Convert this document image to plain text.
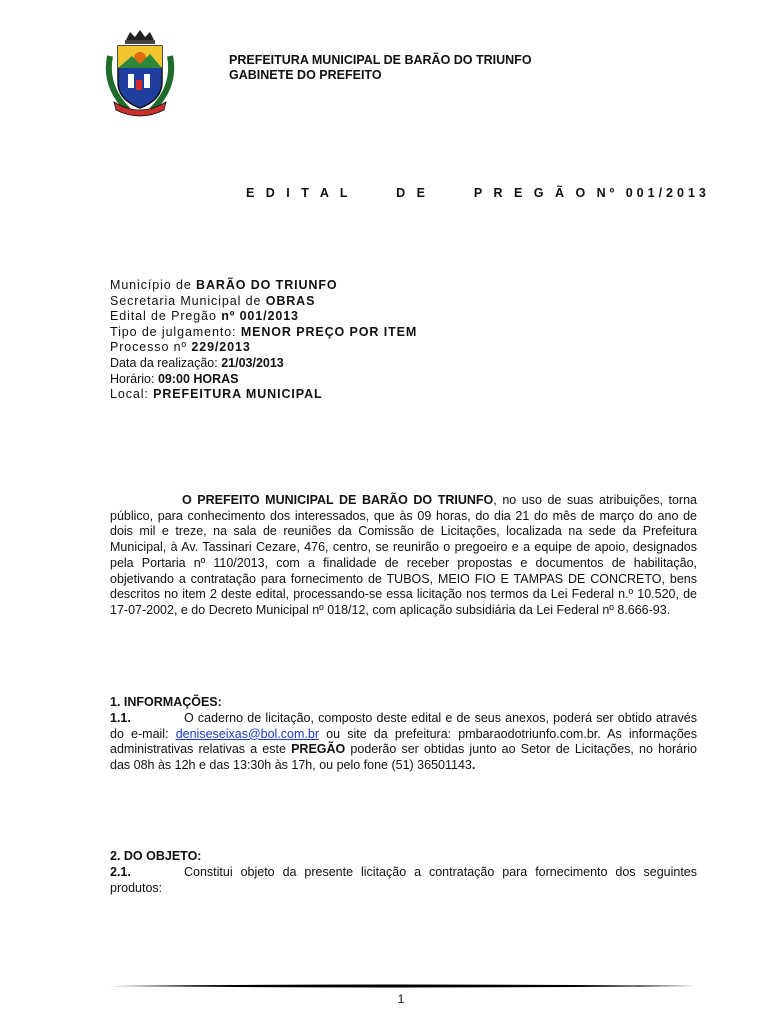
PREFEITURA MUNICIPAL DE BARÃO DO TRIUNFO
GABINETE DO PREFEITO
E D I T A L      D E      P R E G Ã O Nº 001/2013
Município de BARÃO DO TRIUNFO
Secretaria Municipal de OBRAS
Edital de Pregão nº 001/2013
Tipo de julgamento: MENOR PREÇO POR ITEM
Processo nº 229/2013
Data da realização: 21/03/2013
Horário: 09:00 HORAS
Local: PREFEITURA MUNICIPAL
O PREFEITO MUNICIPAL DE BARÃO DO TRIUNFO, no uso de suas atribuições, torna público, para conhecimento dos interessados, que às 09 horas, do dia 21 do mês de março do ano de dois mil e treze, na sala de reuniões da Comissão de Licitações, localizada na sede da Prefeitura Municipal, à Av. Tassinari Cezare, 476, centro, se reunirão o pregoeiro e a equipe de apoio, designados pela Portaria nº 110/2013, com a finalidade de receber propostas e documentos de habilitação, objetivando a contratação para fornecimento de TUBOS, MEIO FIO E TAMPAS DE CONCRETO, bens descritos no item 2 deste edital, processando-se essa licitação nos termos da Lei Federal n.º 10.520, de 17-07-2002, e do Decreto Municipal nº 018/12, com aplicação subsidiária da Lei Federal nº 8.666-93.
1. INFORMAÇÕES:
1.1.	O caderno de licitação, composto deste edital e de seus anexos, poderá ser obtido através do e-mail: deniseseixas@bol.com.br ou site da prefeitura: pmbaraodotriunfo.com.br. As informações administrativas relativas a este PREGÃO poderão ser obtidas junto ao Setor de Licitações, no horário das 08h às 12h e das 13:30h às 17h, ou pelo fone (51) 36501143.
2. DO OBJETO:
2.1.	Constitui objeto da presente licitação a contratação para fornecimento dos seguintes produtos:
1
